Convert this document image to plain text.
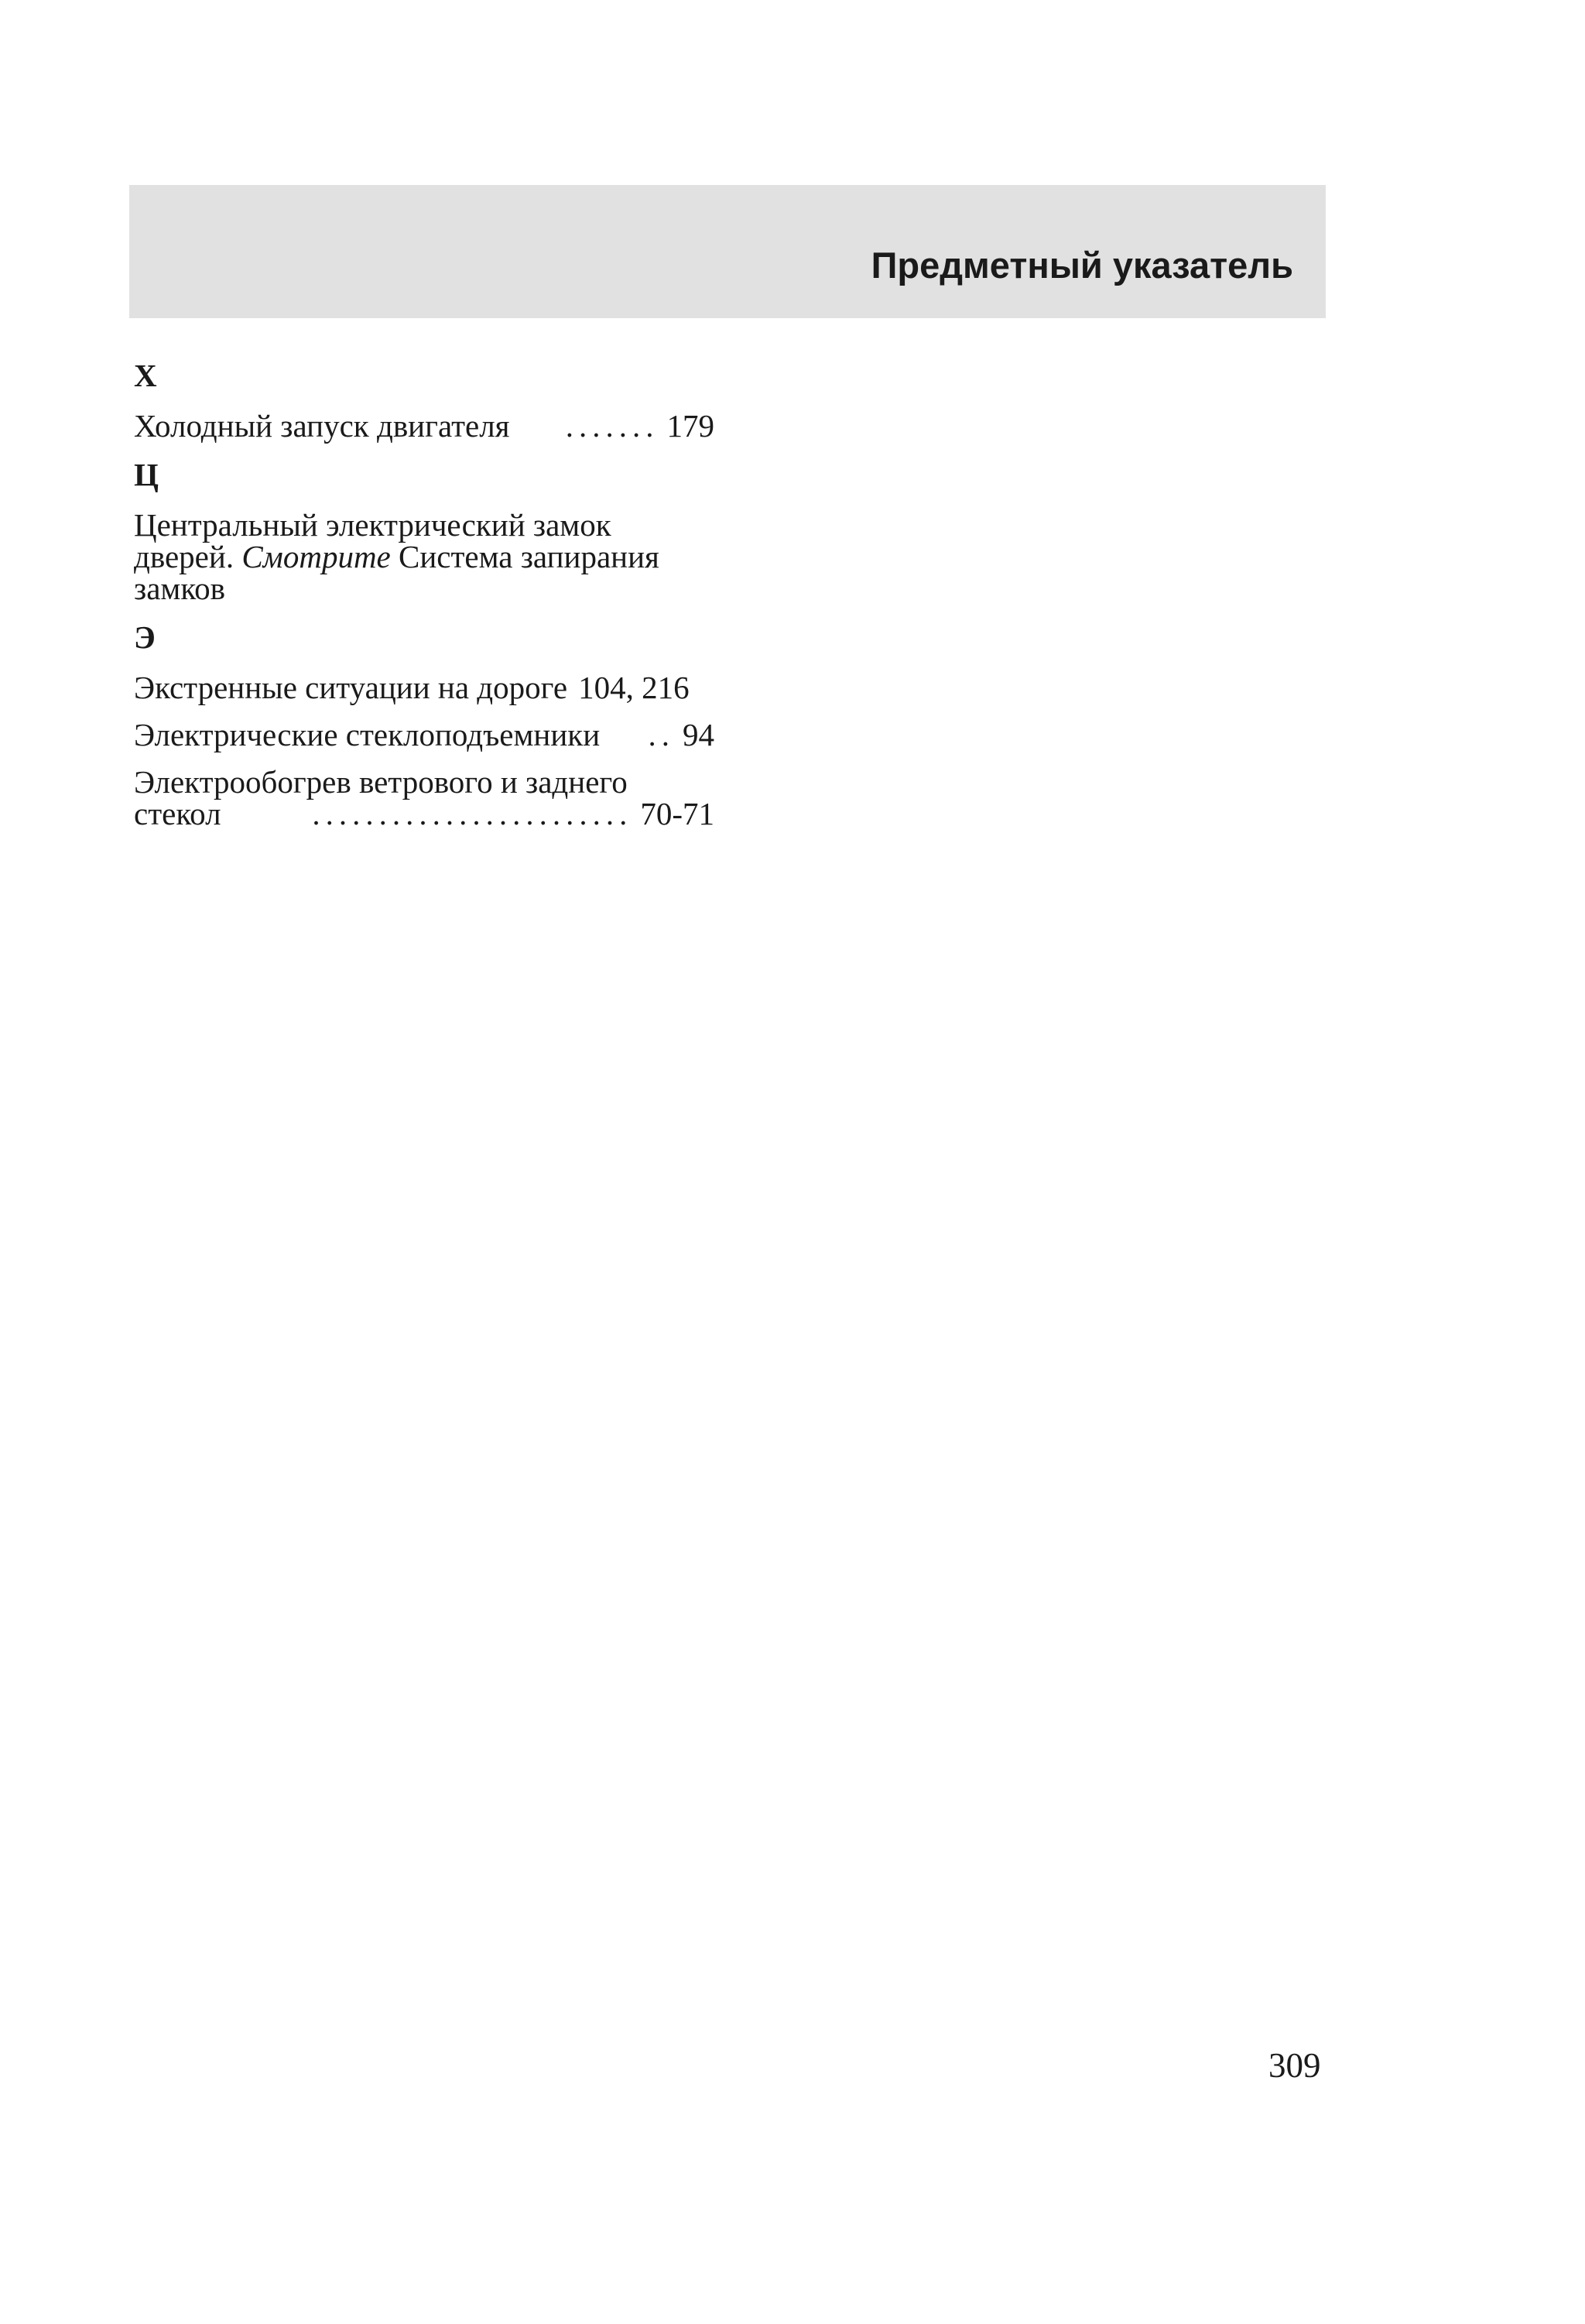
Предметный указатель
Х
Холодный запуск двигателя	....... 179
Ц
Центральный электрический замок
дверей. Смотрите Система запирания
замков
Э
Экстренные ситуации на дороге 104, 216
Электрические стеклоподъемники	.. 94
Электрообогрев ветрового и заднего
стекол	........................ 70-71
309
